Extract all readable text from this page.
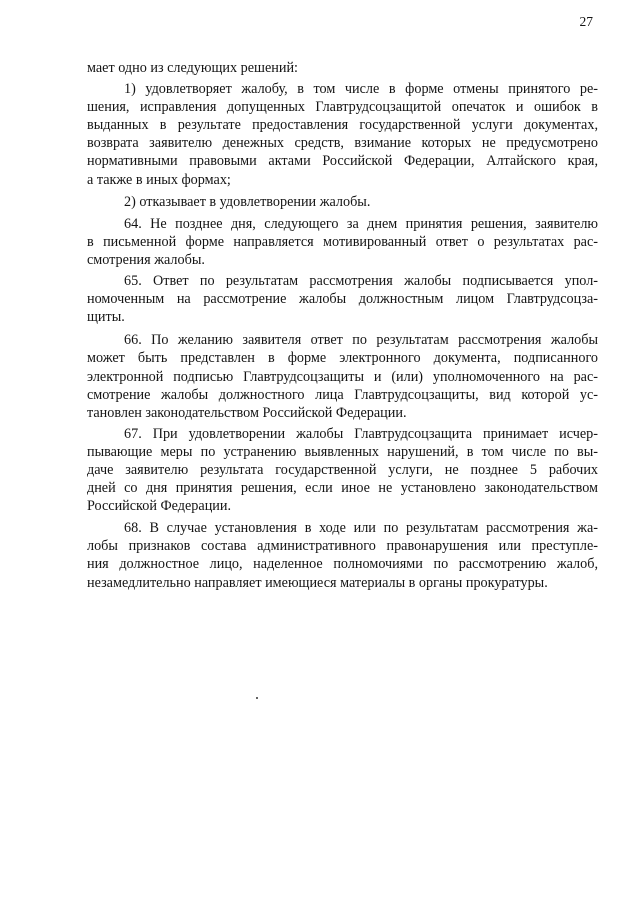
27
мает одно из следующих решений:
1) удовлетворяет жалобу, в том числе в форме отмены принятого ре-
шения, исправления допущенных Главтрудсоцзащитой опечаток и ошибок в
выданных в результате предоставления государственной услуги документах,
возврата заявителю денежных средств, взимание которых не предусмотрено
нормативными правовыми актами Российской Федерации, Алтайского края,
а также в иных формах;
2) отказывает в удовлетворении жалобы.
64. Не позднее дня, следующего за днем принятия решения, заявителю
в письменной форме направляется мотивированный ответ о результатах рас-
смотрения жалобы.
65. Ответ по результатам рассмотрения жалобы подписывается упол-
номоченным на рассмотрение жалобы должностным лицом Главтрудсоцза-
щиты.
66. По желанию заявителя ответ по результатам рассмотрения жалобы
может быть представлен в форме электронного документа, подписанного
электронной подписью Главтрудсоцзащиты и (или) уполномоченного на рас-
смотрение жалобы должностного лица Главтрудсоцзащиты, вид которой ус-
тановлен законодательством Российской Федерации.
67. При удовлетворении жалобы Главтрудсоцзащита принимает исчер-
пывающие меры по устранению выявленных нарушений, в том числе по вы-
даче заявителю результата государственной услуги, не позднее 5 рабочих
дней со дня принятия решения, если иное не установлено законодательством
Российской Федерации.
68. В случае установления в ходе или по результатам рассмотрения жа-
лобы признаков состава административного правонарушения или преступле-
ния должностное лицо, наделенное полномочиями по рассмотрению жалоб,
незамедлительно направляет имеющиеся материалы в органы прокуратуры.
